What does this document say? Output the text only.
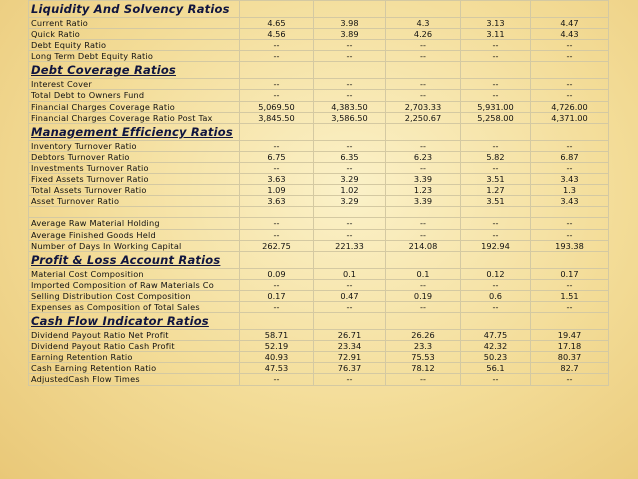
Liquidity And Solvency Ratios					
Current Ratio	4.65	3.98	4.3	3.13	4.47
Quick Ratio	4.56	3.89	4.26	3.11	4.43
Debt Equity Ratio	--	--	--	--	--
Long Term Debt Equity Ratio	--	--	--	--	--
Debt Coverage Ratios					
Interest Cover	--	--	--	--	--
Total Debt to Owners Fund	--	--	--	--	--
Financial Charges Coverage Ratio	5,069.50	4,383.50	2,703.33	5,931.00	4,726.00
Financial Charges Coverage Ratio Post Tax	3,845.50	3,586.50	2,250.67	5,258.00	4,371.00
Management Efficiency Ratios					
Inventory Turnover Ratio	--	--	--	--	--
Debtors Turnover Ratio	6.75	6.35	6.23	5.82	6.87
Investments Turnover Ratio	--	--	--	--	--
Fixed Assets Turnover Ratio	3.63	3.29	3.39	3.51	3.43
Total Assets Turnover Ratio	1.09	1.02	1.23	1.27	1.3
Asset Turnover Ratio	3.63	3.29	3.39	3.51	3.43

Average Raw Material Holding	--	--	--	--	--
Average Finished Goods Held	--	--	--	--	--
Number of Days In Working Capital	262.75	221.33	214.08	192.94	193.38
Profit & Loss Account Ratios					
Material Cost Composition	0.09	0.1	0.1	0.12	0.17
Imported Composition of Raw Materials Co	--	--	--	--	--
Selling Distribution Cost Composition	0.17	0.47	0.19	0.6	1.51
Expenses as Composition of Total Sales	--	--	--	--	--
Cash Flow Indicator Ratios					
Dividend Payout Ratio Net Profit	58.71	26.71	26.26	47.75	19.47
Dividend Payout Ratio Cash Profit	52.19	23.34	23.3	42.32	17.18
Earning Retention Ratio	40.93	72.91	75.53	50.23	80.37
Cash Earning Retention Ratio	47.53	76.37	78.12	56.1	82.7
AdjustedCash Flow Times	--	--	--	--	--
